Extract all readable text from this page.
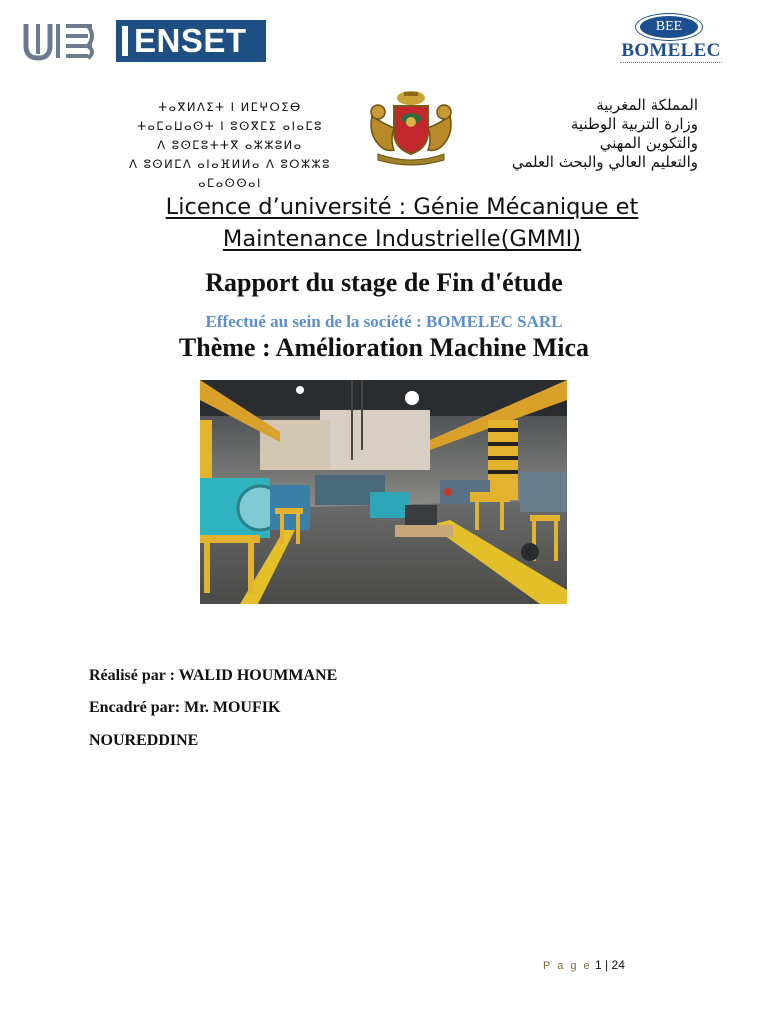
ENSET	BEE
BOMELEC
ⵜⴰⴳⵍⴷⵉⵜ ⵏ ⵍⵎⵖⵔⵉⴱ
ⵜⴰⵎⴰⵡⴰⵙⵜ ⵏ ⵓⵙⴳⵎⵉ ⴰⵏⴰⵎⵓ
ⴷ ⵓⵙⵎⵓⵜⵜⴳ ⴰⵣⵣⵓⵍⴰ
ⴷ ⵓⵙⵍⵎⴷ ⴰⵏⴰⴼⵍⵍⴰ ⴷ ⵓⵔⵣⵣⵓ ⴰⵎⴰⵙⵙⴰⵏ
المملكة المغربية
وزارة التربية الوطنية
والتكوين المهني
والتعليم العالي والبحث العلمي
Licence d’université : Génie Mécanique et
Maintenance Industrielle(GMMI)
Rapport du stage de Fin d'étude
Effectué au sein de la société : BOMELEC SARL
Thème : Amélioration Machine Mica
Réalisé par : WALID HOUMMANE
Encadré par: Mr. MOUFIK
NOUREDDINE
P a g e 1 | 24
